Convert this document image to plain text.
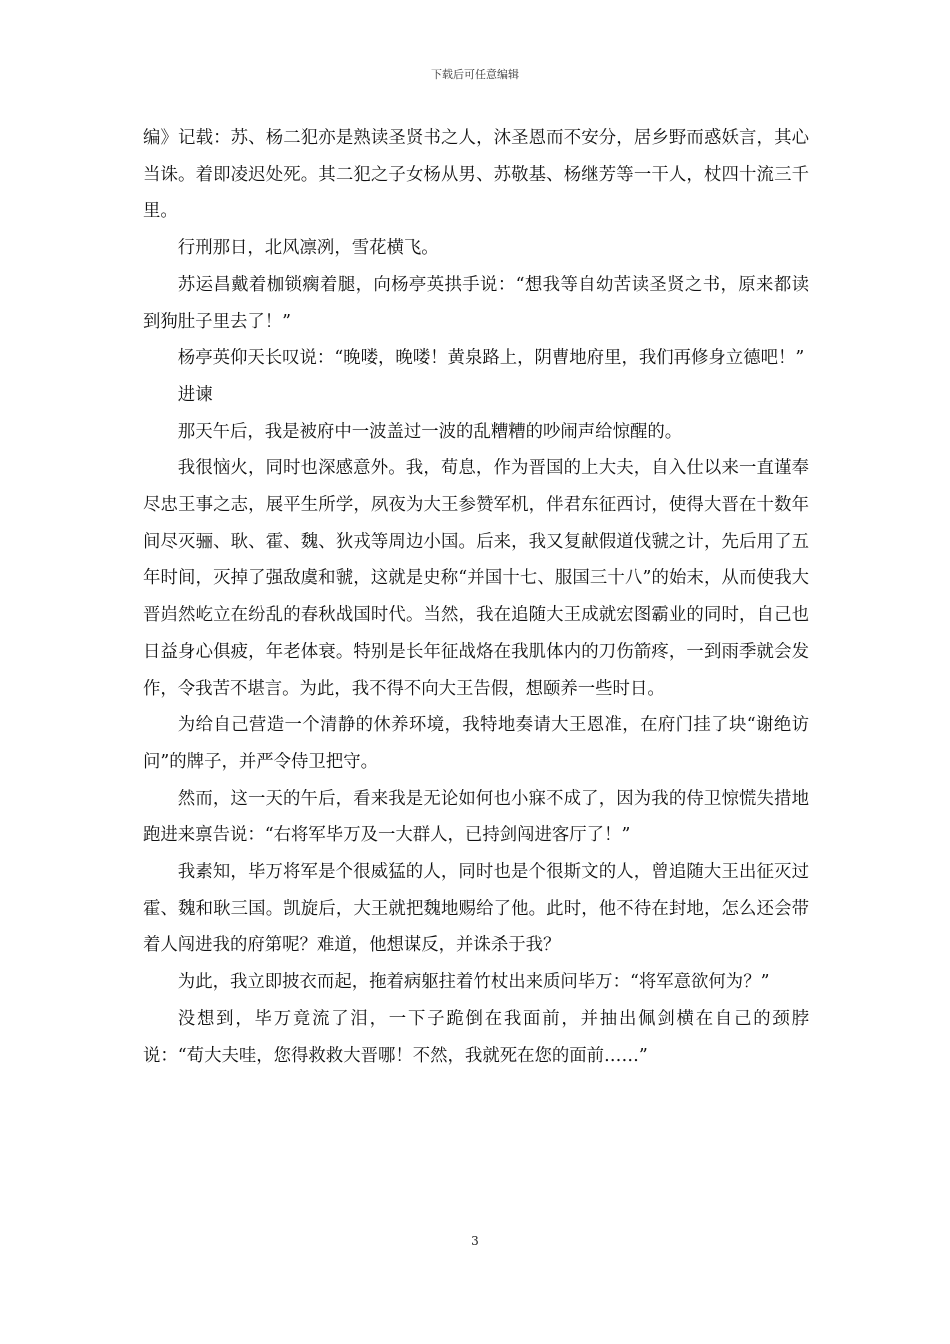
下载后可任意编辑

编》记载：苏、杨二犯亦是熟读圣贤书之人，沐圣恩而不安分，居乡野而惑妖言，其心当诛。着即凌迟处死。其二犯之子女杨从男、苏敬基、杨继芳等一干人，杖四十流三千里。

行刑那日，北风凛冽，雪花横飞。

苏运昌戴着枷锁瘸着腿，向杨亭英拱手说：“想我等自幼苦读圣贤之书，原来都读到狗肚子里去了！”

杨亭英仰天长叹说：“晚喽，晚喽！黄泉路上，阴曹地府里，我们再修身立德吧！”

进谏

那天午后，我是被府中一波盖过一波的乱糟糟的吵闹声给惊醒的。

我很恼火，同时也深感意外。我，荀息，作为晋国的上大夫，自入仕以来一直谨奉尽忠王事之志，展平生所学，夙夜为大王参赞军机，伴君东征西讨，使得大晋在十数年间尽灭骊、耿、霍、魏、狄戎等周边小国。后来，我又复献假道伐虢之计，先后用了五年时间，灭掉了强敌虞和虢，这就是史称“并国十七、服国三十八”的始末，从而使我大晋岿然屹立在纷乱的春秋战国时代。当然，我在追随大王成就宏图霸业的同时，自己也日益身心俱疲，年老体衰。特别是长年征战烙在我肌体内的刀伤箭疼，一到雨季就会发作，令我苦不堪言。为此，我不得不向大王告假，想颐养一些时日。

为给自己营造一个清静的休养环境，我特地奏请大王恩准，在府门挂了块“谢绝访问”的牌子，并严令侍卫把守。

然而，这一天的午后，看来我是无论如何也小寐不成了，因为我的侍卫惊慌失措地跑进来禀告说：“右将军毕万及一大群人，已持剑闯进客厅了！”

我素知，毕万将军是个很威猛的人，同时也是个很斯文的人，曾追随大王出征灭过霍、魏和耿三国。凯旋后，大王就把魏地赐给了他。此时，他不待在封地，怎么还会带着人闯进我的府第呢？难道，他想谋反，并诛杀于我？

为此，我立即披衣而起，拖着病躯拄着竹杖出来质问毕万：“将军意欲何为？”

没想到，毕万竟流了泪，一下子跪倒在我面前，并抽出佩剑横在自己的颈脖说：“荀大夫哇，您得救救大晋哪！不然，我就死在您的面前……”

3
